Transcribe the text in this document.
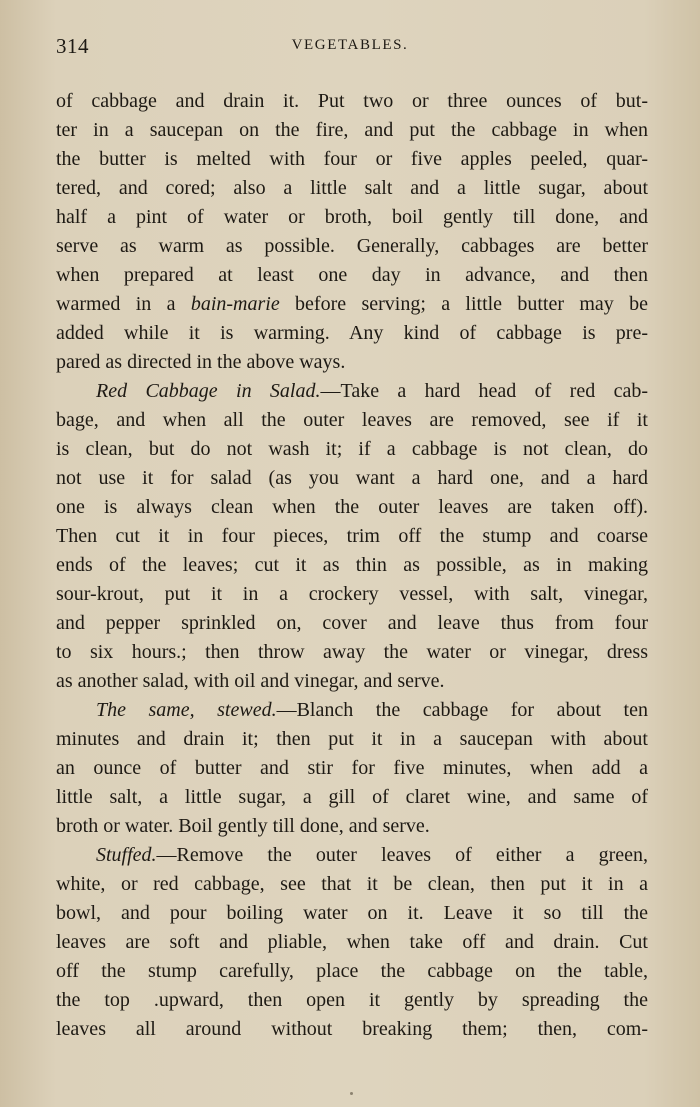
314	VEGETABLES.
of cabbage and drain it. Put two or three ounces of but-
ter in a saucepan on the fire, and put the cabbage in when
the butter is melted with four or five apples peeled, quar-
tered, and cored; also a little salt and a little sugar, about
half a pint of water or broth, boil gently till done, and
serve as warm as possible. Generally, cabbages are better
when prepared at least one day in advance, and then
warmed in a bain-marie before serving; a little butter may be
added while it is warming. Any kind of cabbage is pre-
pared as directed in the above ways.
Red Cabbage in Salad.—Take a hard head of red cab-
bage, and when all the outer leaves are removed, see if it
is clean, but do not wash it; if a cabbage is not clean, do
not use it for salad (as you want a hard one, and a hard
one is always clean when the outer leaves are taken off).
Then cut it in four pieces, trim off the stump and coarse
ends of the leaves; cut it as thin as possible, as in making
sour-krout, put it in a crockery vessel, with salt, vinegar,
and pepper sprinkled on, cover and leave thus from four
to six hours.; then throw away the water or vinegar, dress
as another salad, with oil and vinegar, and serve.
The same, stewed.—Blanch the cabbage for about ten
minutes and drain it; then put it in a saucepan with about
an ounce of butter and stir for five minutes, when add a
little salt, a little sugar, a gill of claret wine, and same of
broth or water. Boil gently till done, and serve.
Stuffed.—Remove the outer leaves of either a green,
white, or red cabbage, see that it be clean, then put it in a
bowl, and pour boiling water on it. Leave it so till the
leaves are soft and pliable, when take off and drain. Cut
off the stump carefully, place the cabbage on the table,
the top .upward, then open it gently by spreading the
leaves all around without breaking them; then, com-
